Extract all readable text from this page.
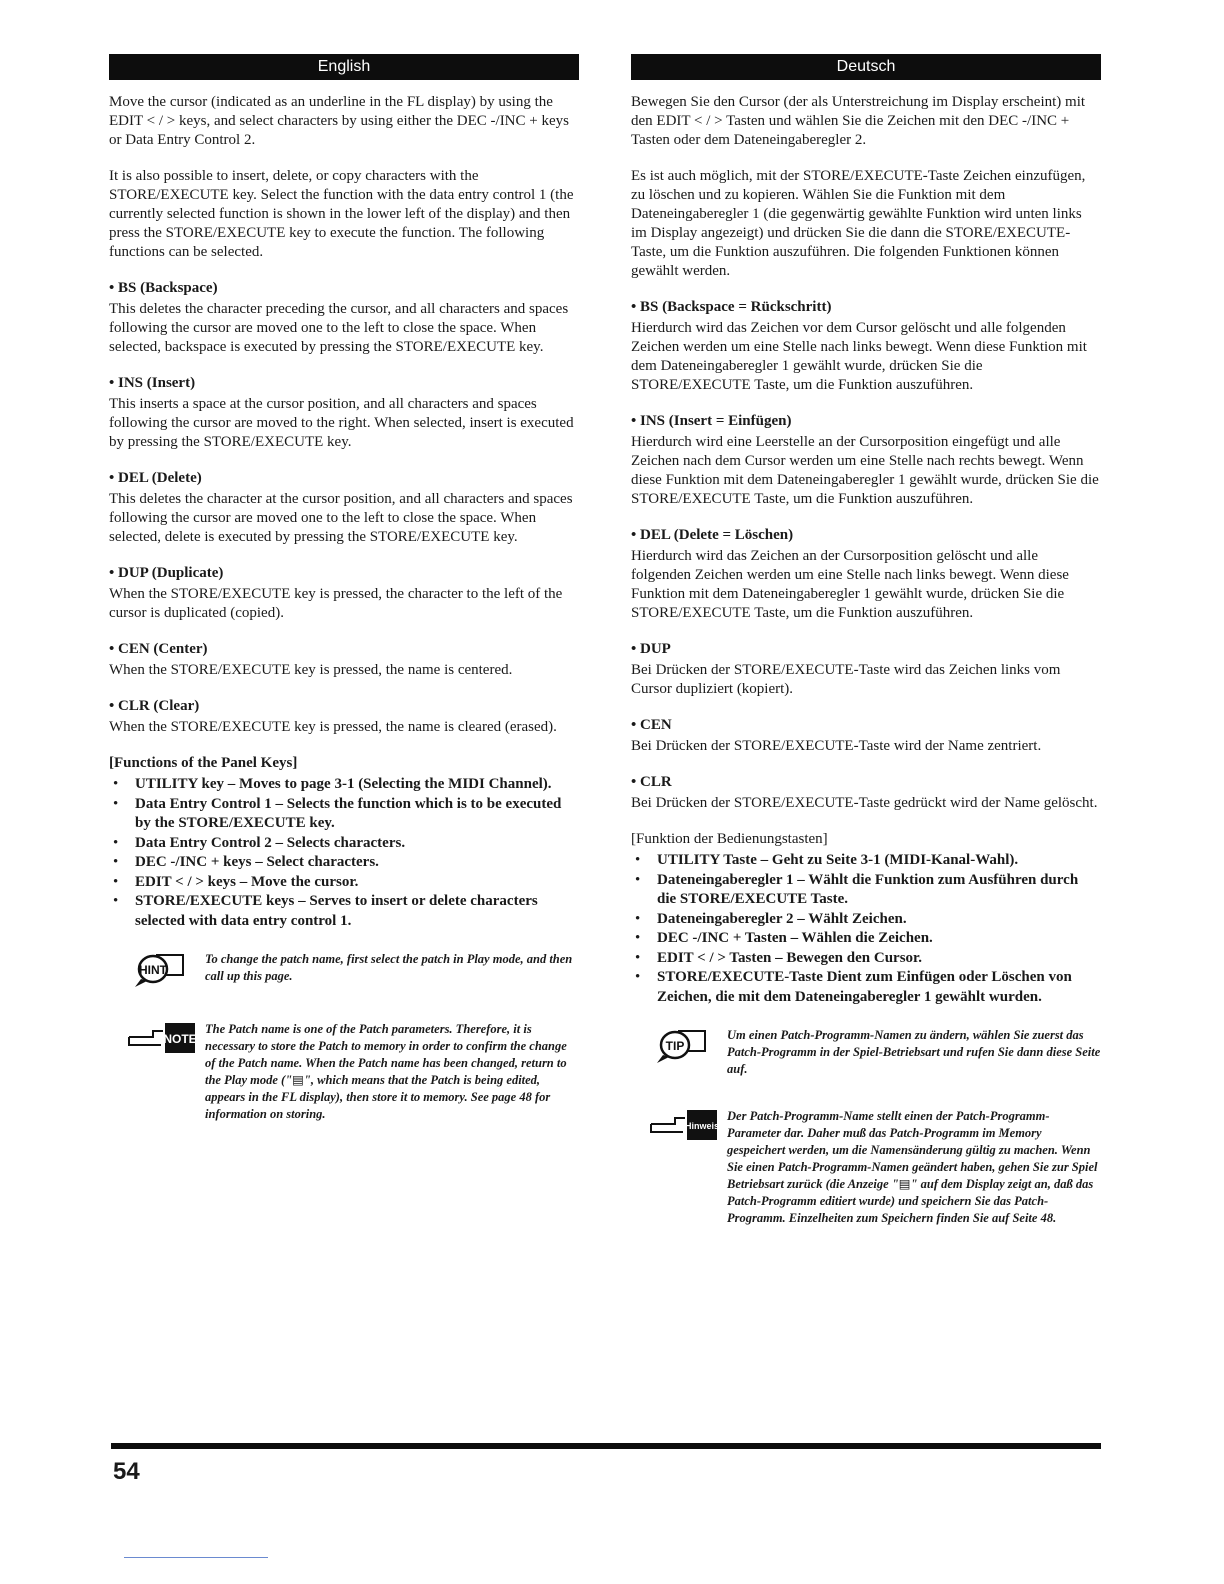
English

Move the cursor (indicated as an underline in the FL display) by using the EDIT < / > keys, and select characters by using either the DEC -/INC + keys or Data Entry Control 2.

It is also possible to insert, delete, or copy characters with the STORE/EXECUTE key. Select the function with the data entry control 1 (the currently selected function is shown in the lower left of the display) and then press the STORE/EXECUTE key to execute the function. The following functions can be selected.

• BS (Backspace)
This deletes the character preceding the cursor, and all characters and spaces following the cursor are moved one to the left to close the space. When selected, backspace is executed by pressing the STORE/EXECUTE key.
• INS (Insert)
This inserts a space at the cursor position, and all characters and spaces following the cursor are moved to the right. When selected, insert is executed by pressing the STORE/EXECUTE key.
• DEL (Delete)
This deletes the character at the cursor position, and all characters and spaces following the cursor are moved one to the left to close the space. When selected, delete is executed by pressing the STORE/EXECUTE key.
• DUP (Duplicate)
When the STORE/EXECUTE key is pressed, the character to the left of the cursor is duplicated (copied).
• CEN (Center)
When the STORE/EXECUTE key is pressed, the name is centered.
• CLR (Clear)
When the STORE/EXECUTE key is pressed, the name is cleared (erased).
[Functions of the Panel Keys]
• UTILITY key – Moves to page 3-1 (Selecting the MIDI Channel).
• Data Entry Control 1 – Selects the function which is to be executed by the STORE/EXECUTE key.
• Data Entry Control 2 – Selects characters.
• DEC -/INC + keys – Select characters.
• EDIT < / > keys – Move the cursor.
• STORE/EXECUTE keys – Serves to insert or delete characters selected with data entry control 1.
HINT
To change the patch name, first select the patch in Play mode, and then call up this page.
NOTE
The Patch name is one of the Patch parameters. Therefore, it is necessary to store the Patch to memory in order to confirm the change of the Patch name. When the Patch name has been changed, return to the Play mode ("▤", which means that the Patch is being edited, appears in the FL display), then store it to memory. See page 48 for information on storing.
Deutsch

Bewegen Sie den Cursor (der als Unterstreichung im Display erscheint) mit den EDIT < / > Tasten und wählen Sie die Zeichen mit den DEC -/INC + Tasten oder dem Dateneingaberegler 2.

Es ist auch möglich, mit der STORE/EXECUTE-Taste Zeichen einzufügen, zu löschen und zu kopieren. Wählen Sie die Funktion mit dem Dateneingaberegler 1 (die gegenwärtig gewählte Funktion wird unten links im Display angezeigt) und drücken Sie die dann die STORE/EXECUTE-Taste, um die Funktion auszuführen. Die folgenden Funktionen können gewählt werden.

• BS (Backspace = Rückschritt)
Hierdurch wird das Zeichen vor dem Cursor gelöscht und alle folgenden Zeichen werden um eine Stelle nach links bewegt. Wenn diese Funktion mit dem Dateneingaberegler 1 gewählt wurde, drücken Sie die STORE/EXECUTE Taste, um die Funktion auszuführen.
• INS (Insert = Einfügen)
Hierdurch wird eine Leerstelle an der Cursorposition eingefügt und alle Zeichen nach dem Cursor werden um eine Stelle nach rechts bewegt. Wenn diese Funktion mit dem Dateneingaberegler 1 gewählt wurde, drücken Sie die STORE/EXECUTE Taste, um die Funktion auszuführen.
• DEL (Delete = Löschen)
Hierdurch wird das Zeichen an der Cursorposition gelöscht und alle folgenden Zeichen werden um eine Stelle nach links bewegt. Wenn diese Funktion mit dem Dateneingaberegler 1 gewählt wurde, drücken Sie die STORE/EXECUTE Taste, um die Funktion auszuführen.
• DUP
Bei Drücken der STORE/EXECUTE-Taste wird das Zeichen links vom Cursor dupliziert (kopiert).
• CEN
Bei Drücken der STORE/EXECUTE-Taste wird der Name zentriert.
• CLR
Bei Drücken der STORE/EXECUTE-Taste gedrückt wird der Name gelöscht.
[Funktion der Bedienungstasten]
• UTILITY Taste – Geht zu Seite 3-1 (MIDI-Kanal-Wahl).
• Dateneingaberegler 1 – Wählt die Funktion zum Ausführen durch die STORE/EXECUTE Taste.
• Dateneingaberegler 2 – Wählt Zeichen.
• DEC -/INC + Tasten – Wählen die Zeichen.
• EDIT < / > Tasten – Bewegen den Cursor.
• STORE/EXECUTE-Taste Dient zum Einfügen oder Löschen von Zeichen, die mit dem Dateneingaberegler 1 gewählt wurden.
TIP
Um einen Patch-Programm-Namen zu ändern, wählen Sie zuerst das Patch-Programm in der Spiel-Betriebsart und rufen Sie dann diese Seite auf.
Hinweis
Der Patch-Programm-Name stellt einen der Patch-Programm- Parameter dar. Daher muß das Patch-Programm im Memory gespeichert werden, um die Namensänderung gültig zu machen. Wenn Sie einen Patch-Programm-Namen geändert haben, gehen Sie zur Spiel Betriebsart zurück (die Anzeige "▤" auf dem Display zeigt an, daß das Patch-Programm editiert wurde) und speichern Sie das Patch-Programm. Einzelheiten zum Speichern finden Sie auf Seite 48.
54
